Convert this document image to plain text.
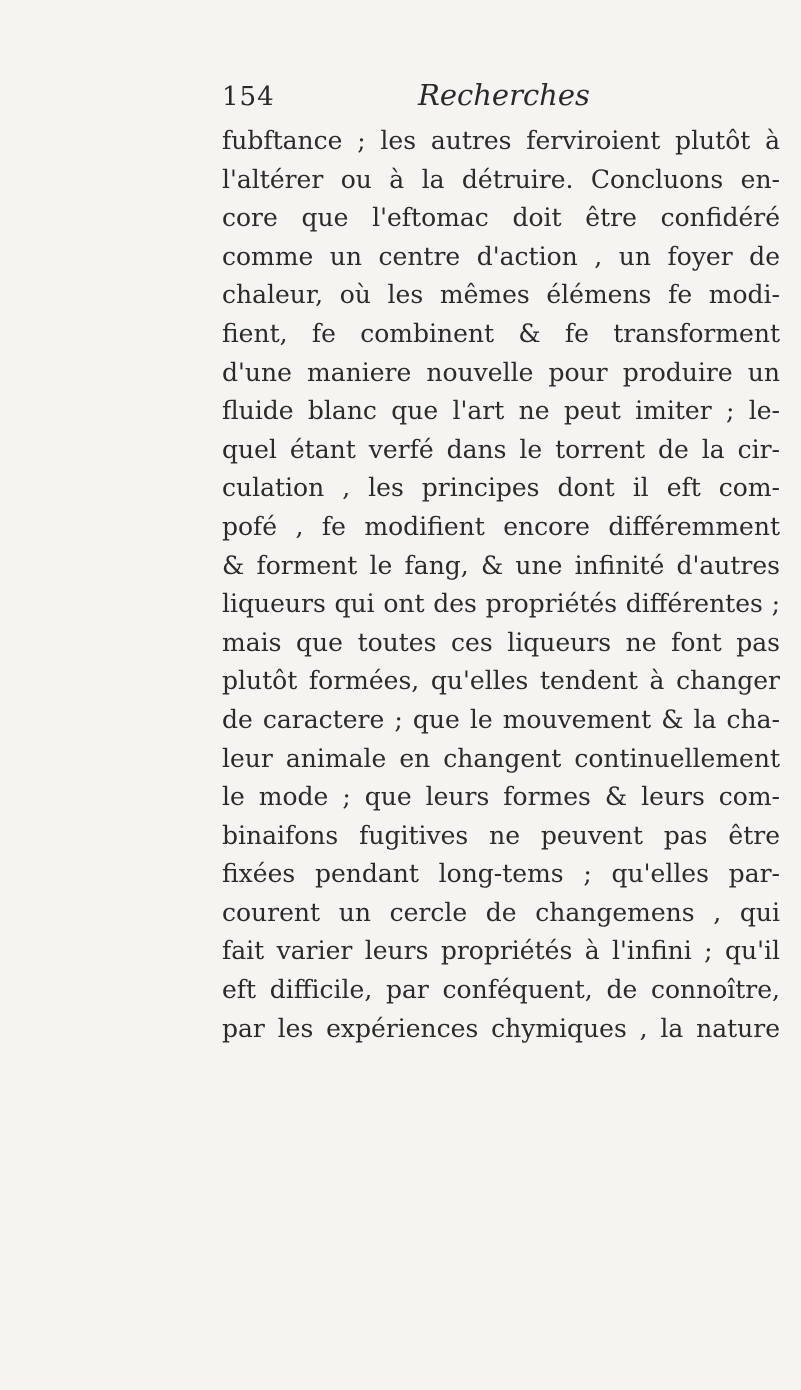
154	Recherches
fubftance ; les autres ferviroient plutôt à
l'altérer ou à la détruire. Concluons en-
core que l'eftomac doit être confidéré
comme un centre d'action , un foyer de
chaleur, où les mêmes élémens fe modi-
fient, fe combinent & fe transforment
d'une maniere nouvelle pour produire un
fluide blanc que l'art ne peut imiter ; le-
quel étant verfé dans le torrent de la cir-
culation , les principes dont il eft com-
pofé , fe modifient encore différemment
& forment le fang, & une infinité d'autres
liqueurs qui ont des propriétés différentes ;
mais que toutes ces liqueurs ne font pas
plutôt formées, qu'elles tendent à changer
de caractere ; que le mouvement & la cha-
leur animale en changent continuellement
le mode ; que leurs formes & leurs com-
binaifons fugitives ne peuvent pas être
fixées pendant long-tems ; qu'elles par-
courent un cercle de changemens , qui
fait varier leurs propriétés à l'infini ; qu'il
eft difficile, par conféquent, de connoître,
par les expériences chymiques , la nature
